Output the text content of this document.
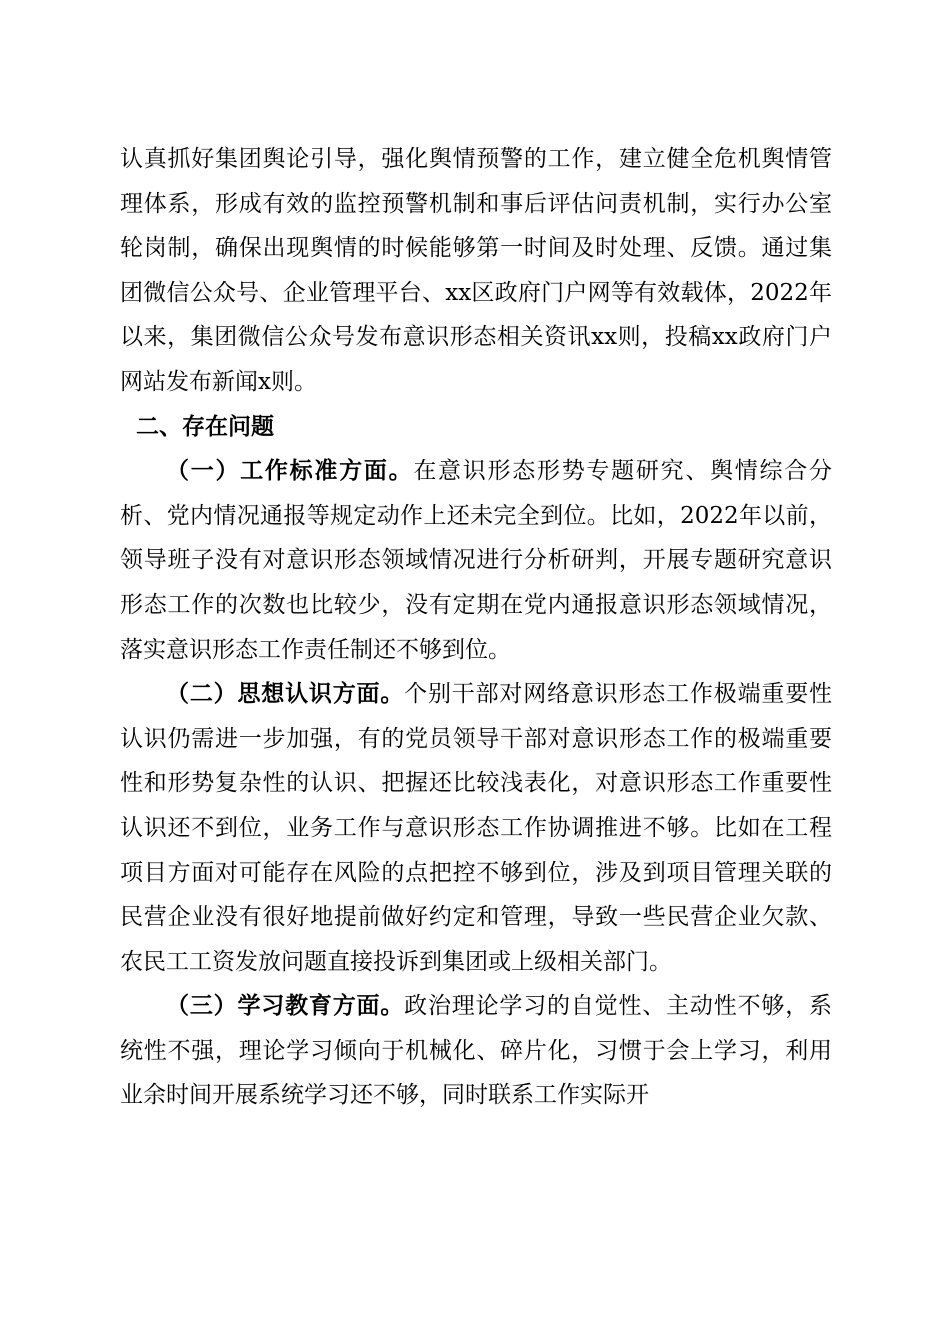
认真抓好集团舆论引导，强化舆情预警的工作，建立健全危机舆情管理体系，形成有效的监控预警机制和事后评估问责机制，实行办公室轮岗制，确保出现舆情的时候能够第一时间及时处理、反馈。通过集团微信公众号、企业管理平台、xx区政府门户网等有效载体，2022年以来，集团微信公众号发布意识形态相关资讯xx则，投稿xx政府门户网站发布新闻x则。

二、存在问题

（一）工作标准方面。在意识形态形势专题研究、舆情综合分析、党内情况通报等规定动作上还未完全到位。比如，2022年以前，领导班子没有对意识形态领域情况进行分析研判，开展专题研究意识形态工作的次数也比较少，没有定期在党内通报意识形态领域情况，落实意识形态工作责任制还不够到位。

（二）思想认识方面。个别干部对网络意识形态工作极端重要性认识仍需进一步加强，有的党员领导干部对意识形态工作的极端重要性和形势复杂性的认识、把握还比较浅表化，对意识形态工作重要性认识还不到位，业务工作与意识形态工作协调推进不够。比如在工程项目方面对可能存在风险的点把控不够到位，涉及到项目管理关联的民营企业没有很好地提前做好约定和管理，导致一些民营企业欠款、农民工工资发放问题直接投诉到集团或上级相关部门。

（三）学习教育方面。政治理论学习的自觉性、主动性不够，系统性不强，理论学习倾向于机械化、碎片化，习惯于会上学习，利用业余时间开展系统学习还不够，同时联系工作实际开
